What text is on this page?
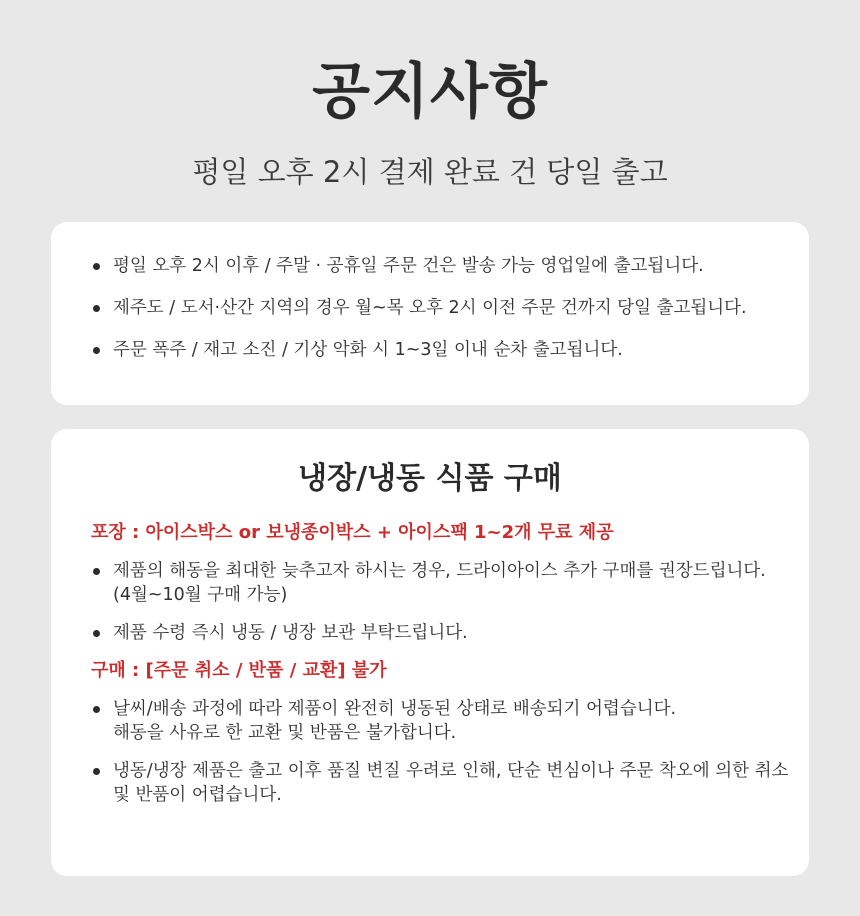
공지사항
평일 오후 2시 결제 완료 건 당일 출고
평일 오후 2시 이후 / 주말 · 공휴일 주문 건은 발송 가능 영업일에 출고됩니다.
제주도 / 도서·산간 지역의 경우 월~목 오후 2시 이전 주문 건까지 당일 출고됩니다.
주문 폭주 / 재고 소진 / 기상 악화 시 1~3일 이내 순차 출고됩니다.
냉장/냉동 식품 구매
포장 : 아이스박스 or 보냉종이박스 + 아이스팩 1~2개 무료 제공
제품의 해동을 최대한 늦추고자 하시는 경우, 드라이아이스 추가 구매를 권장드립니다.
(4월~10월 구매 가능)
제품 수령 즉시 냉동 / 냉장 보관 부탁드립니다.
구매 : [주문 취소 / 반품 / 교환] 불가
날씨/배송 과정에 따라 제품이 완전히 냉동된 상태로 배송되기 어렵습니다.
해동을 사유로 한 교환 및 반품은 불가합니다.
냉동/냉장 제품은 출고 이후 품질 변질 우려로 인해, 단순 변심이나 주문 착오에 의한 취소
및 반품이 어렵습니다.
